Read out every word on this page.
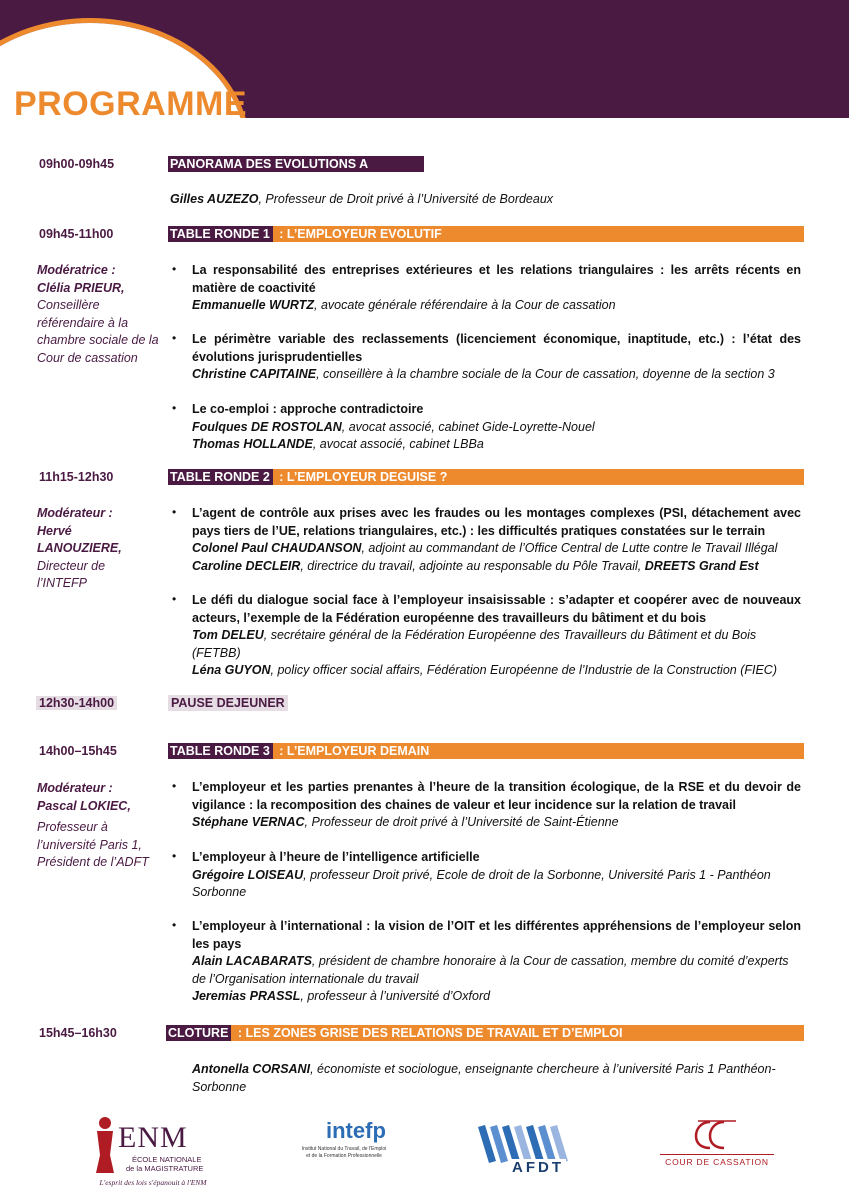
PROGRAMME
09h00-09h45	PANORAMA DES EVOLUTIONS A L’OEUVRE
Gilles AUZEZO, Professeur de Droit privé à l’Université de Bordeaux
09h45-11h00	TABLE RONDE 1 : L’EMPLOYEUR EVOLUTIF
Modératrice :
Clélia PRIEUR,
Conseillère référendaire à la chambre sociale de la Cour de cassation
• La responsabilité des entreprises extérieures et les relations triangulaires : les arrêts récents en matière de coactivité
Emmanuelle WURTZ, avocate générale référendaire à la Cour de cassation
• Le périmètre variable des reclassements (licenciement économique, inaptitude, etc.) : l’état des évolutions jurisprudentielles
Christine CAPITAINE, conseillère à la chambre sociale de la Cour de cassation, doyenne de la section 3
• Le co-emploi : approche contradictoire
Foulques DE ROSTOLAN, avocat associé, cabinet Gide-Loyrette-Nouel
Thomas HOLLANDE, avocat associé, cabinet LBBa
11h15-12h30	TABLE RONDE 2 : L’EMPLOYEUR DEGUISE ?
Modérateur :
Hervé LANOUZIERE,
Directeur de l’INTEFP
• L’agent de contrôle aux prises avec les fraudes ou les montages complexes (PSI, détachement avec pays tiers de l’UE, relations triangulaires, etc.) : les difficultés pratiques constatées sur le terrain
Colonel Paul CHAUDANSON, adjoint au commandant de l’Office Central de Lutte contre le Travail Illégal
Caroline DECLEIR, directrice du travail, adjointe au responsable du Pôle Travail, DREETS Grand Est
• Le défi du dialogue social face à l’employeur insaisissable : s’adapter et coopérer avec de nouveaux acteurs, l’exemple de la Fédération européenne des travailleurs du bâtiment et du bois
Tom DELEU, secrétaire général de la Fédération Européenne des Travailleurs du Bâtiment et du Bois (FETBB)
Léna GUYON, policy officer social affairs, Fédération Européenne de l’Industrie de la Construction (FIEC)
12h30-14h00	PAUSE DEJEUNER
14h00–15h45	TABLE RONDE 3 : L’EMPLOYEUR DEMAIN
Modérateur :
Pascal LOKIEC,
Professeur à l’université Paris 1, Président de l’ADFT
• L’employeur et les parties prenantes à l’heure de la transition écologique, de la RSE et du devoir de vigilance : la recomposition des chaines de valeur et leur incidence sur la relation de travail
Stéphane VERNAC, Professeur de droit privé à l’Université de Saint-Étienne
• L’employeur à l’heure de l’intelligence artificielle
Grégoire LOISEAU, professeur Droit privé, Ecole de droit de la Sorbonne, Université Paris 1 - Panthéon Sorbonne
• L’employeur à l’international : la vision de l’OIT et les différentes appréhensions de l’employeur selon les pays
Alain LACABARATS, président de chambre honoraire à la Cour de cassation, membre du comité d’experts de l’Organisation internationale du travail
Jeremias PRASSL, professeur à l’université d’Oxford
15h45–16h30	CLOTURE : LES ZONES GRISE DES RELATIONS DE TRAVAIL ET D’EMPLOI
Antonella CORSANI, économiste et sociologue, enseignante chercheure à l’université Paris 1 Panthéon-Sorbonne
ENM
ÉCOLE NATIONALE
de la MAGISTRATURE
L'esprit des lois s'épanouit à l'ENM
intefp
Institut National du Travail, de l'Emploi
et de la Formation Professionnelle
AFDT	COUR DE CASSATION
